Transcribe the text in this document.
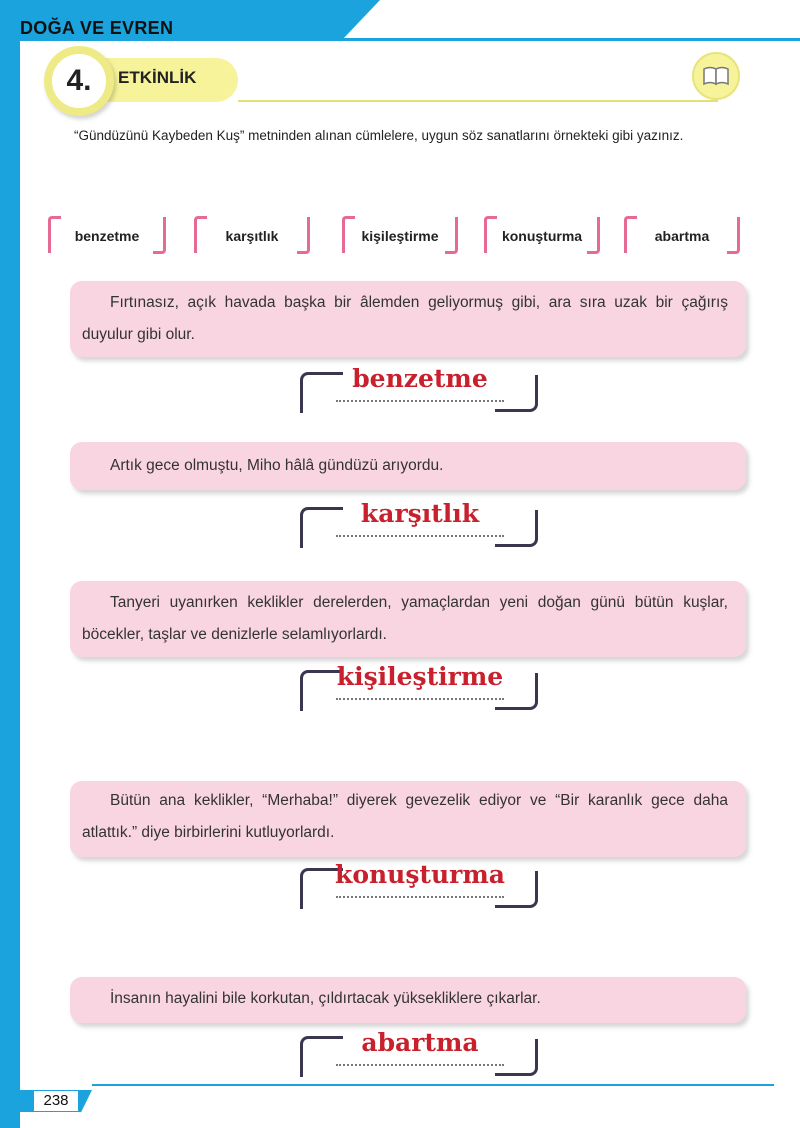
DOĞA VE EVREN
ETKİNLİK
4.

“Gündüzünü Kaybeden Kuş” metninden alınan cümlelere, uygun söz sanatlarını örnekteki gibi yazınız.

benzetme	karşıtlık	kişileştirme	konuşturma	abartma

Fırtınasız, açık havada başka bir âlemden geliyormuş gibi, ara sıra uzak bir çağırış duyulur gibi olur.

benzetme

Artık gece olmuştu, Miho hâlâ gündüzü arıyordu.

karşıtlık

Tanyeri uyanırken keklikler derelerden, yamaçlardan yeni doğan günü bütün kuşlar, böcekler, taşlar ve denizlerle selamlıyorlardı.

kişileştirme

Bütün ana keklikler, “Merhaba!” diyerek gevezelik ediyor ve “Bir karanlık gece daha atlattık.” diye birbirlerini kutluyorlardı.

konuşturma

İnsanın hayalini bile korkutan, çıldırtacak yüksekliklere çıkarlar.

abartma
238
